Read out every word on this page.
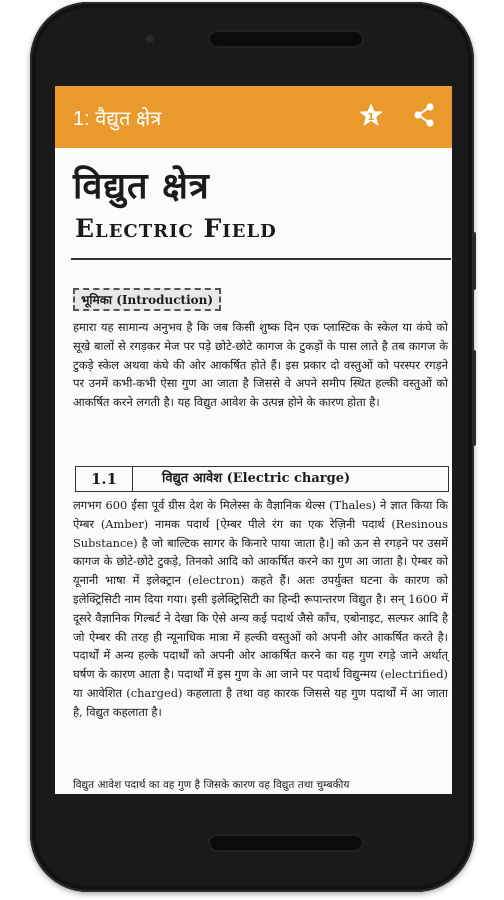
1: वैद्युत क्षेत्र	1
विद्युत क्षेत्र
Electric Field
भूमिका (Introduction)
हमारा यह सामान्य अनुभव है कि जब किसी शुष्क दिन एक प्लास्टिक के स्केल या कंघे को सूखे बालों से रगड़कर मेज पर पड़े छोटे-छोटे कागज के टुकड़ों के पास लाते है तब कागज के टुकड़े स्केल अथवा कंघे की ओर आकर्षित होते हैं। इस प्रकार दो वस्तुओं को परस्पर रगड़ने पर उनमें कभी-कभी ऐसा गुण आ जाता है जिससे वे अपने समीप स्थित हल्की वस्तुओं को आकर्षित करने लगती है। यह विद्युत आवेश के उत्पन्न होने के कारण होता है।
1.1	विद्युत आवेश (Electric charge)
लगभग 600 ईसा पूर्व ग्रीस देश के मिलेस्स के वैज्ञानिक थेल्स (Thales) ने ज्ञात किया कि ऐम्बर (Amber) नामक पदार्थ [ऐम्बर पीले रंग का एक रेज़िनी पदार्थ (Resinous Substance) है जो बाल्टिक सागर के किनारे पाया जाता है।] को ऊन से रगड़ने पर उसमें कागज के छोटे-छोटे टुकड़े, तिनको आदि को आकर्षित करने का गुण आ जाता है। ऐम्बर को यूनानी भाषा में इलेक्ट्रान (electron) कहते हैं। अतः उपर्युक्त घटना के कारण को इलेक्ट्रिसिटी नाम दिया गया। इसी इलेक्ट्रिसिटी का हिन्दी रूपान्तरण विद्युत है। सन् 1600 में दूसरे वैज्ञानिक गिल्बर्ट ने देखा कि ऐसे अन्य कई पदार्थ जैसे काँच, एबोनाइट, सल्फर आदि है जो ऐम्बर की तरह ही न्यूनाधिक मात्रा में हल्की वस्तुओं को अपनी ओर आकर्षित करते है। पदार्थों में अन्य हल्के पदार्थों को अपनी ओर आकर्षित करने का यह गुण रगड़े जाने अर्थात् घर्षण के कारण आता है। पदार्थों में इस गुण के आ जाने पर पदार्थ विद्युन्मय (electrified) या आवेशित (charged) कहलाता है तथा वह कारक जिससे यह गुण पदार्थों में आ जाता है, विद्युत कहलाता है।
विद्युत आवेश पदार्थ का वह गुण है जिसके कारण वह विद्युत तथा चुम्बकीय
